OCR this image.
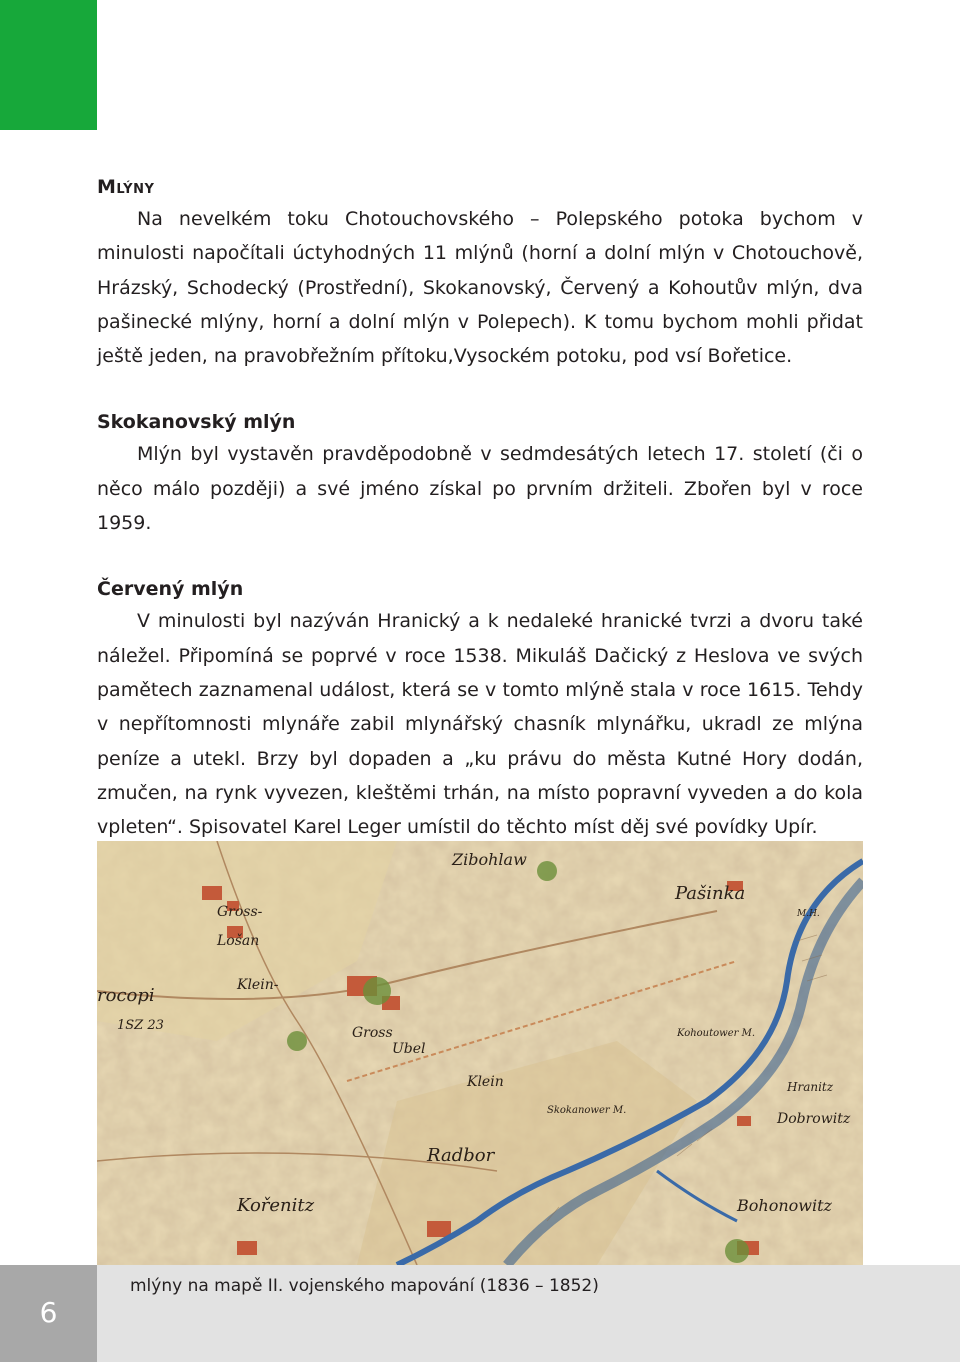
Mlýny

Na nevelkém toku Chotouchovského – Polepského potoka bychom v minulosti napočítali úctyhodných 11 mlýnů (horní a dolní mlýn v Chotouchově, Hrázský, Schodecký (Prostřední), Skokanovský, Červený a Kohoutův mlýn, dva pašinecké mlýny, horní a dolní mlýn v Polepech). K tomu bychom mohli přidat ještě jeden, na pravobřežním přítoku,Vysockém potoku, pod vsí Bořetice.

Skokanovský mlýn

Mlýn byl vystavěn pravděpodobně v sedmdesátých letech 17. století (či o něco málo později) a své jméno získal po prvním držiteli. Zbořen byl v roce 1959.

Červený mlýn

V minulosti byl nazýván Hranický a k nedaleké hranické tvrzi a dvoru také náležel. Připomíná se poprvé v roce 1538. Mikuláš Dačický z Heslova ve svých pamětech zaznamenal událost, která se v tomto mlýně stala v roce 1615. Tehdy v nepřítomnosti mlynáře zabil mlynářský chasník mlynářku, ukradl ze mlýna peníze a utekl. Brzy byl dopaden a „ku právu do města Kutné Hory dodán, zmučen, na rynk vyvezen, kleštěmi trhán, na místo popravní vyveden a do kola vpleten“. Spisovatel Karel Leger umístil do těchto míst děj své povídky Upír.

Zibohlaw
Pašinka
Gross-
Lošan
Klein-
rocopi
1SZ 23	Gross
Ubel
Klein
Radbor
Kořenitz
Kohoutower M.
Skokanower M.
Hranitz
Dobrowitz
Bohonowitz
M.H.
mlýny na mapě II. vojenského mapování (1836 – 1852)
6
